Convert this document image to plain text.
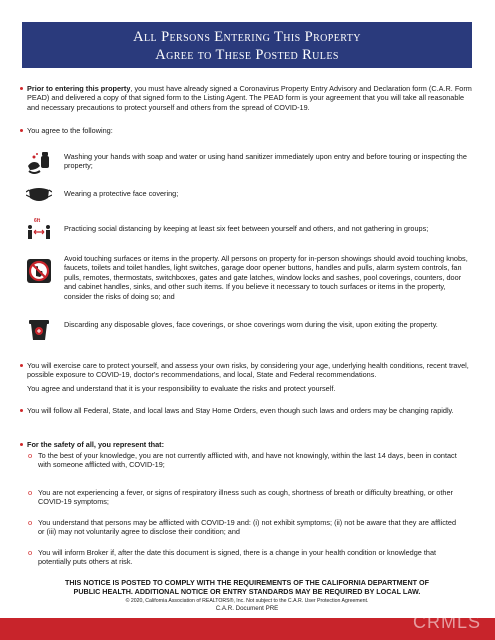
All Persons Entering This Property
Agree to These Posted Rules
Prior to entering this property, you must have already signed a Coronavirus Property Entry Advisory and Declaration form (C.A.R. Form PEAD) and delivered a copy of that signed form to the Listing Agent. The PEAD form is your agreement that you will take all reasonable and necessary precautions to protect yourself and others from the spread of COVID-19.
You agree to the following:
Washing your hands with soap and water or using hand sanitizer immediately upon entry and before touring or inspecting the property;
Wearing a protective face covering;
6ft
Practicing social distancing by keeping at least six feet between yourself and others, and not gathering in groups;
Avoid touching surfaces or items in the property. All persons on property for in-person showings should avoid touching knobs, faucets, toilets and toilet handles, light switches, garage door opener buttons, handles and pulls, alarm system controls, fan pulls, remotes, thermostats, switchboxes, gates and gate latches, window locks and sashes, pool coverings, counters, door and cabinet handles, sinks, and other such items. If you believe it necessary to touch surfaces or items in the property, consider the risks of doing so; and
Discarding any disposable gloves, face coverings, or shoe coverings worn during the visit, upon exiting the property.
You will exercise care to protect yourself, and assess your own risks, by considering your age, underlying health conditions, recent travel, possible exposure to COVID-19, doctor's recommendations, and local, State and Federal recommendations.
You agree and understand that it is your responsibility to evaluate the risks and protect yourself.
You will follow all Federal, State, and local laws and Stay Home Orders, even though such laws and orders may be changing rapidly.
For the safety of all, you represent that:
o To the best of your knowledge, you are not currently afflicted with, and have not knowingly, within the last 14 days, been in contact with someone afflicted with, COVID-19;
o You are not experiencing a fever, or signs of respiratory illness such as cough, shortness of breath or difficulty breathing, or other COVID-19 symptoms;
o You understand that persons may be afflicted with COVID-19 and: (i) not exhibit symptoms; (ii) not be aware that they are afflicted or (iii) may not voluntarily agree to disclose their condition; and
o You will inform Broker if, after the date this document is signed, there is a change in your health condition or knowledge that potentially puts others at risk.
THIS NOTICE IS POSTED TO COMPLY WITH THE REQUIREMENTS OF THE CALIFORNIA DEPARTMENT OF
PUBLIC HEALTH. ADDITIONAL NOTICE OR ENTRY STANDARDS MAY BE REQUIRED BY LOCAL LAW.
© 2020, California Association of REALTORS®, Inc. Not subject to the C.A.R. User Protection Agreement.
C.A.R. Document PRE
CRMLS
